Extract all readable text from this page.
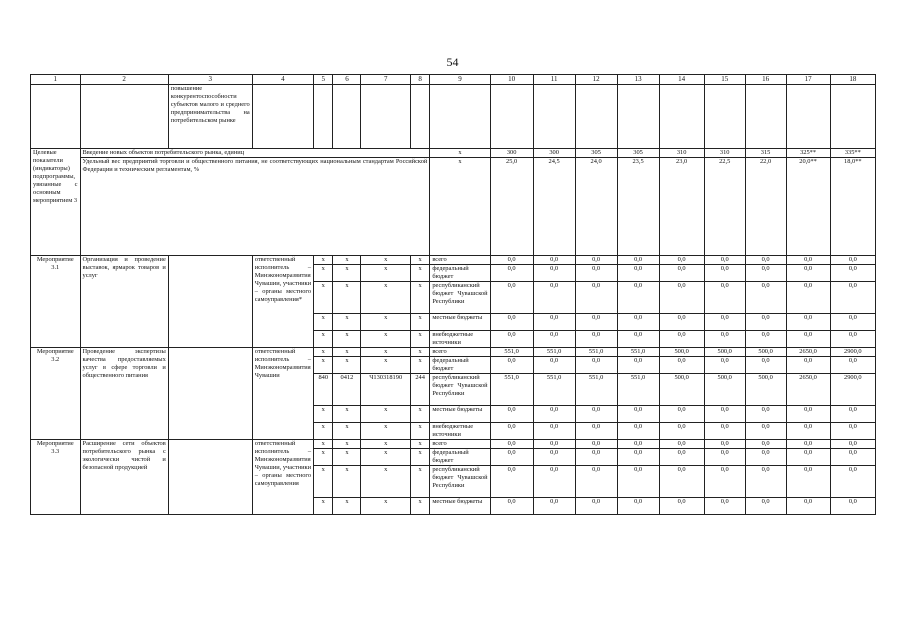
54
1	2	3	4	5	6	7	8	9	10	11	12	13	14	15	16	17	18
		повышение конкурентоспособности субъектов малого и среднего предпринимательства на потребительском рынке															
Целевые показатели (индикаторы) подпрограммы, увязанные с основным мероприятием 3	Введение новых объектов потребительского рынка, единиц							x	300	300	305	305	310	310	315	325**	335**
	Удельный вес предприятий торговли и общественного питания, не соответствующих национальным стандартам Российской Федерации и техническим регламентам, %							x	25,0	24,5	24,0	23,5	23,0	22,5	22,0	20,0**	18,0**
Мероприятие 3.1	Организация и проведение выставок, ярмарок товаров и услуг		ответственный исполнитель – Минэкономразвития Чувашии, участники – органы местного самоуправления*	x	x	x	x	всего	0,0	0,0	0,0	0,0	0,0	0,0	0,0	0,0	0,0
				x	x	x	x	федеральный бюджет	0,0	0,0	0,0	0,0	0,0	0,0	0,0	0,0	0,0
				x	x	x	x	республиканский бюджет Чувашской Республики	0,0	0,0	0,0	0,0	0,0	0,0	0,0	0,0	0,0
				x	x	x	x	местные бюджеты	0,0	0,0	0,0	0,0	0,0	0,0	0,0	0,0	0,0
				x	x	x	x	внебюджетные источники	0,0	0,0	0,0	0,0	0,0	0,0	0,0	0,0	0,0
Мероприятие 3.2	Проведение экспертизы качества предоставляемых услуг в сфере торговли и общественного питания		ответственный исполнитель – Минэкономразвития Чувашии	x	x	x	x	всего	551,0	551,0	551,0	551,0	500,0	500,0	500,0	2650,0	2900,0
				x	x	x	x	федеральный бюджет	0,0	0,0	0,0	0,0	0,0	0,0	0,0	0,0	0,0
				840	0412	Ч130318190	244	республиканский бюджет Чувашской Республики	551,0	551,0	551,0	551,0	500,0	500,0	500,0	2650,0	2900,0
				x	x	x	x	местные бюджеты	0,0	0,0	0,0	0,0	0,0	0,0	0,0	0,0	0,0
				x	x	x	x	внебюджетные источники	0,0	0,0	0,0	0,0	0,0	0,0	0,0	0,0	0,0
Мероприятие 3.3	Расширение сети объектов потребительского рынка с экологически чистой и безопасной продукцией		ответственный исполнитель – Минэкономразвития Чувашии, участники – органы местного самоуправления	x	x	x	x	всего	0,0	0,0	0,0	0,0	0,0	0,0	0,0	0,0	0,0
				x	x	x	x	федеральный бюджет	0,0	0,0	0,0	0,0	0,0	0,0	0,0	0,0	0,0
				x	x	x	x	республиканский бюджет Чувашской Республики	0,0	0,0	0,0	0,0	0,0	0,0	0,0	0,0	0,0
				x	x	x	x	местные бюджеты	0,0	0,0	0,0	0,0	0,0	0,0	0,0	0,0	0,0
